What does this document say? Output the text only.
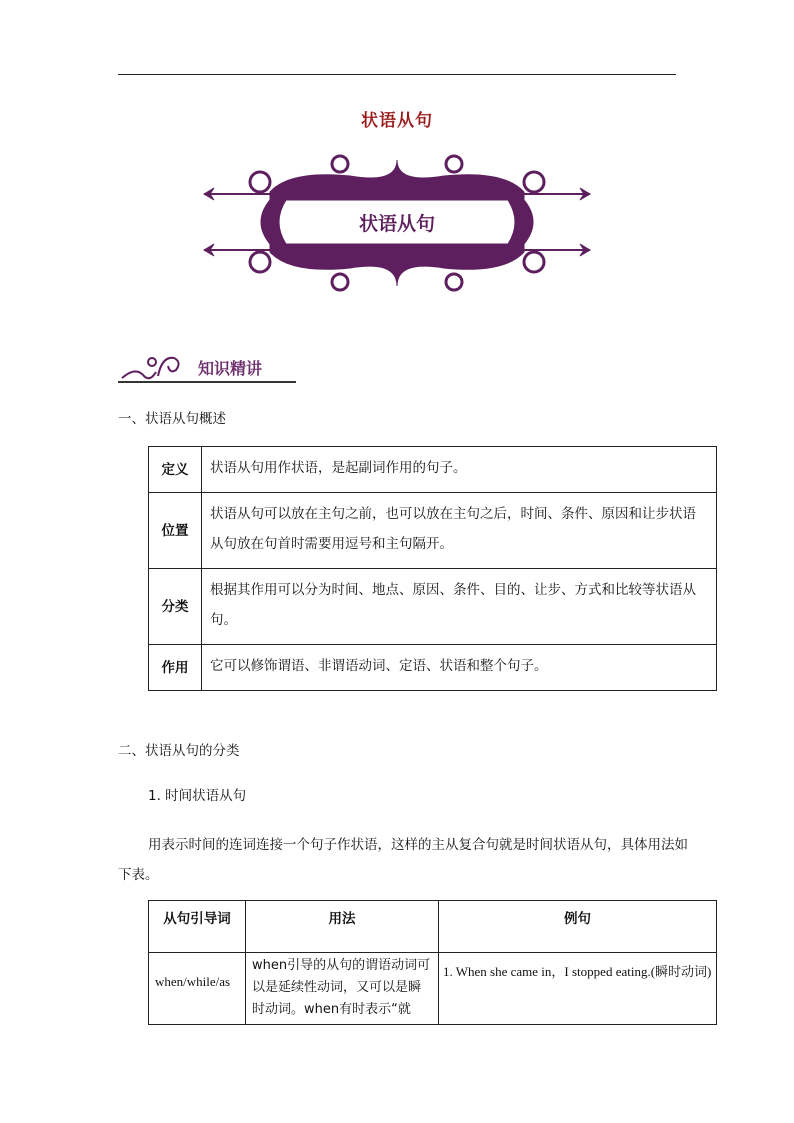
状语从句
状语从句
知识精讲
一、状语从句概述
定义	状语从句用作状语，是起副词作用的句子。
位置	状语从句可以放在主句之前，也可以放在主句之后，时间、条件、原因和让步状语从句放在句首时需要用逗号和主句隔开。
分类	根据其作用可以分为时间、地点、原因、条件、目的、让步、方式和比较等状语从句。
作用	它可以修饰谓语、非谓语动词、定语、状语和整个句子。
二、状语从句的分类
1. 时间状语从句
用表示时间的连词连接一个句子作状语，这样的主从复合句就是时间状语从句，具体用法如下表。
从句引导词	用法	例句
when/while/as	when引导的从句的谓语动词可以是延续性动词，又可以是瞬时动词。when有时表示“就	1. When she came in，I stopped eating.(瞬时动词)
